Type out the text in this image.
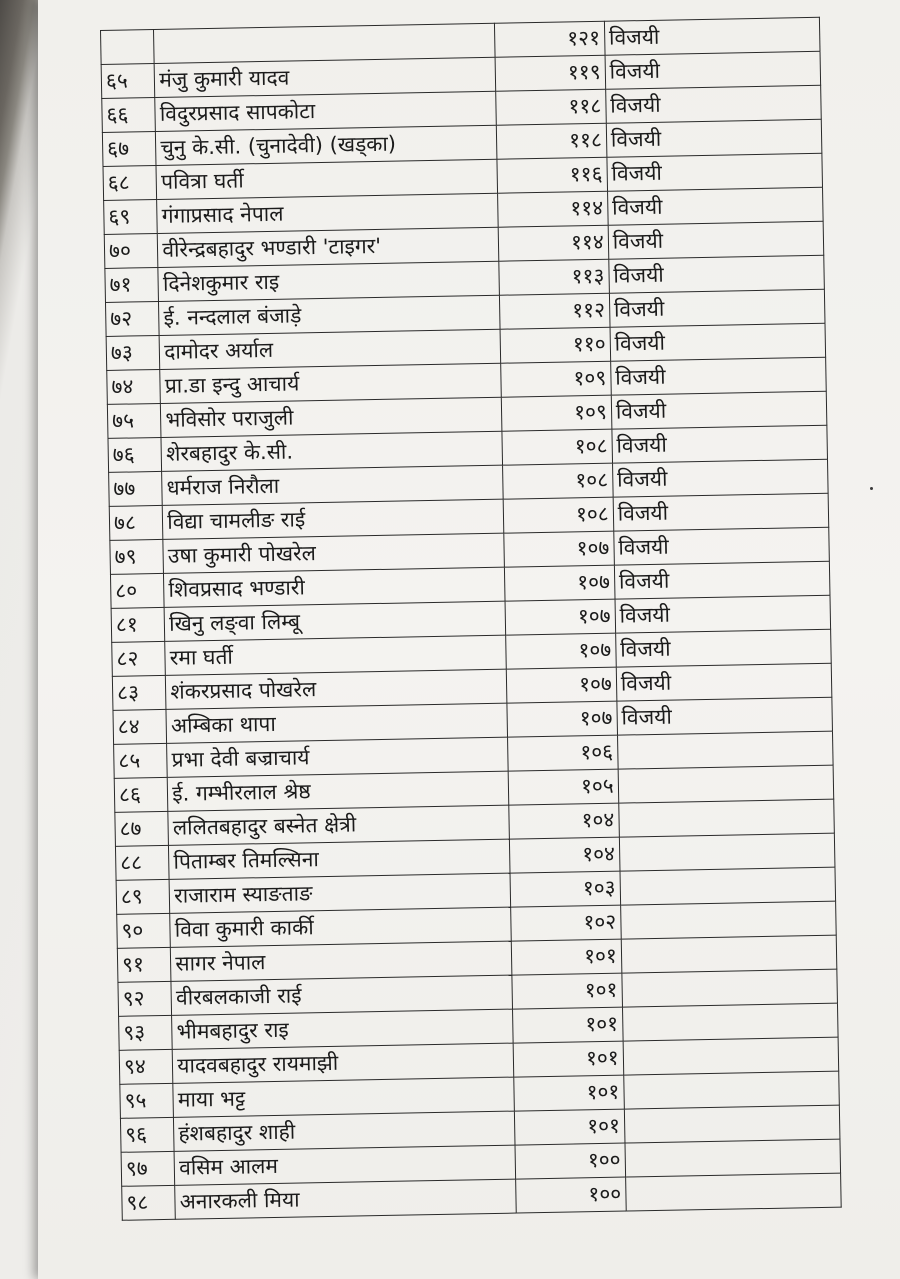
		१२१	विजयी
६५	मंजु कुमारी यादव	११९	विजयी
६६	विदुरप्रसाद सापकोटा	११८	विजयी
६७	चुनु के.सी. (चुनादेवी) (खड्का)	११८	विजयी
६८	पवित्रा घर्ती	११६	विजयी
६९	गंगाप्रसाद नेपाल	११४	विजयी
७०	वीरेन्द्रबहादुर भण्डारी 'टाइगर'	११४	विजयी
७१	दिनेशकुमार राइ	११३	विजयी
७२	ई. नन्दलाल बंजाड़े	११२	विजयी
७३	दामोदर अर्याल	११०	विजयी
७४	प्रा.डा इन्दु आचार्य	१०९	विजयी
७५	भविसोर पराजुली	१०९	विजयी
७६	शेरबहादुर के.सी.	१०८	विजयी
७७	धर्मराज निरौला	१०८	विजयी
७८	विद्या चामलीङ राई	१०८	विजयी
७९	उषा कुमारी पोखरेल	१०७	विजयी
८०	शिवप्रसाद भण्डारी	१०७	विजयी
८१	खिनु लङ्वा लिम्बू	१०७	विजयी
८२	रमा घर्ती	१०७	विजयी
८३	शंकरप्रसाद पोखरेल	१०७	विजयी
८४	अम्बिका थापा	१०७	विजयी
८५	प्रभा देवी बज्राचार्य	१०६	
८६	ई. गम्भीरलाल श्रेष्ठ	१०५	
८७	ललितबहादुर बस्नेत क्षेत्री	१०४	
८८	पिताम्बर तिमल्सिना	१०४	
८९	राजाराम स्याङताङ	१०३	
९०	विवा कुमारी कार्की	१०२	
९१	सागर नेपाल	१०१	
९२	वीरबलकाजी राई	१०१	
९३	भीमबहादुर राइ	१०१	
९४	यादवबहादुर रायमाझी	१०१	
९५	माया भट्ट	१०१	
९६	हंशबहादुर शाही	१०१	
९७	वसिम आलम	१००	
९८	अनारकली मिया	१००	
